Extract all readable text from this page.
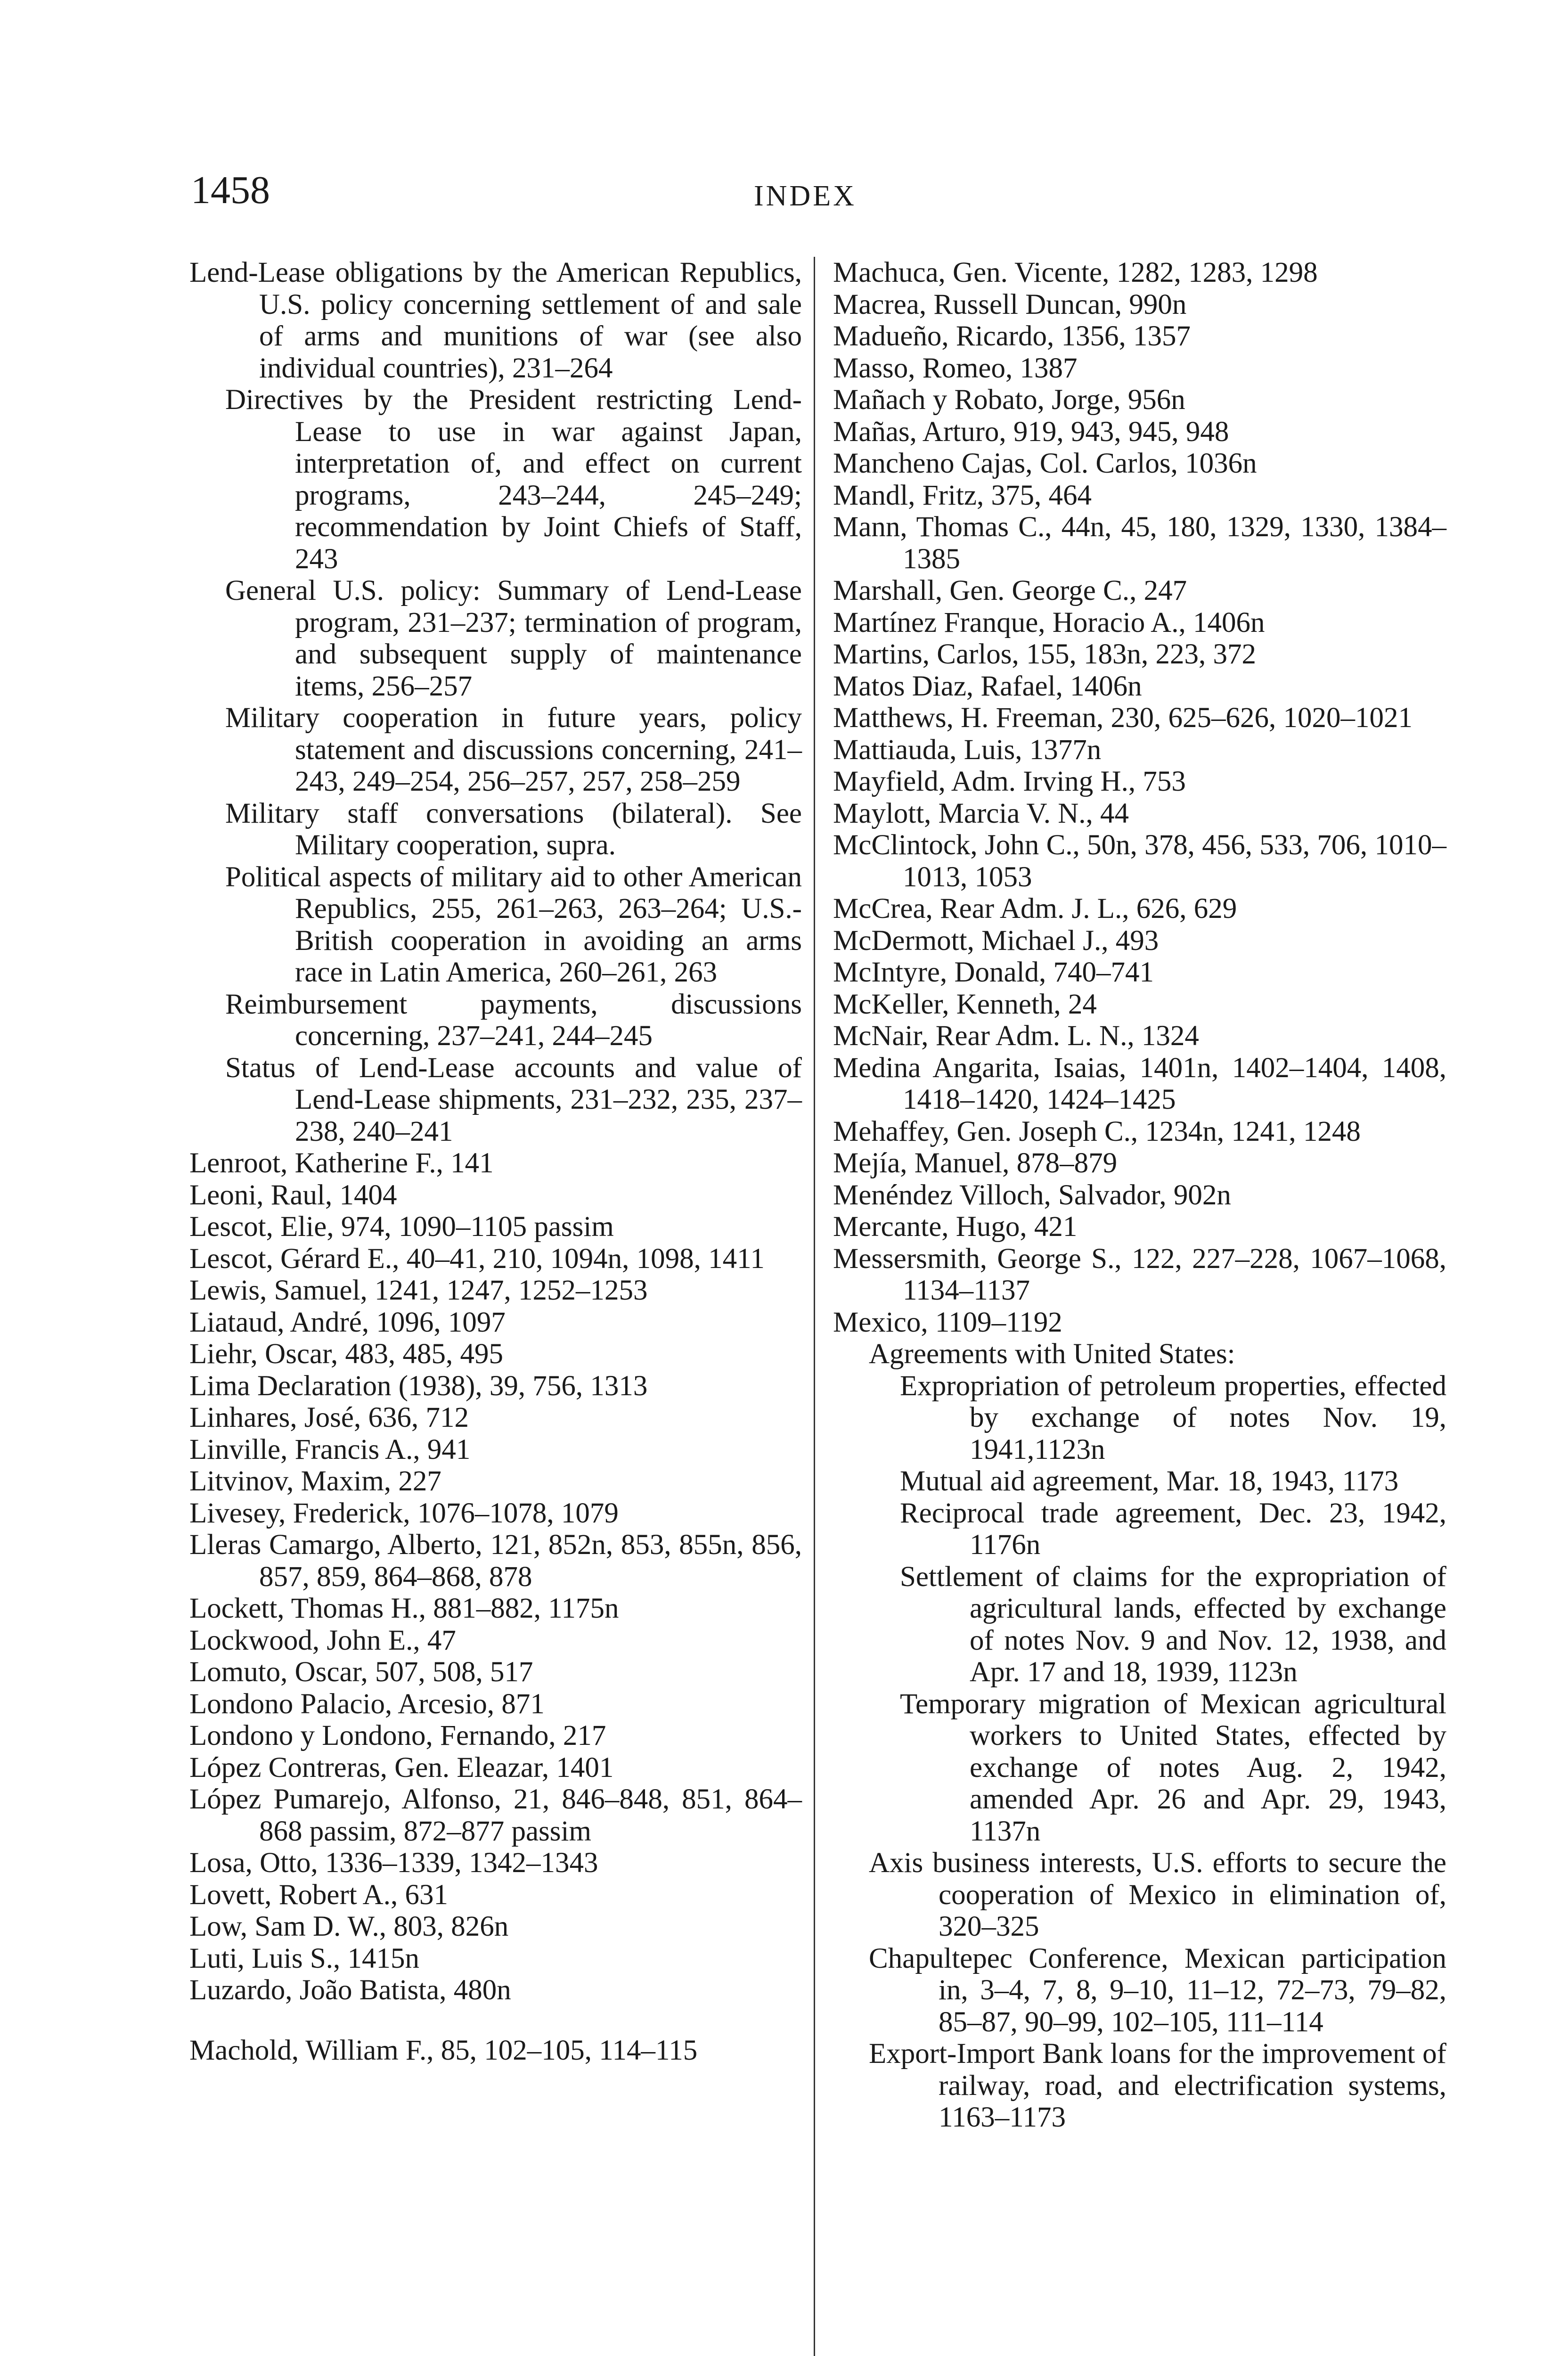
1458	INDEX

Lend-Lease obligations by the American Republics, U.S. policy concerning settlement of and sale of arms and munitions of war (see also individual countries), 231–264

Directives by the President restricting Lend-Lease to use in war against Japan, interpretation of, and effect on current programs, 243–244, 245–249; recommendation by Joint Chiefs of Staff, 243

General U.S. policy: Summary of Lend-Lease program, 231–237; termination of program, and subsequent supply of maintenance items, 256–257

Military cooperation in future years, policy statement and discussions concerning, 241–243, 249–254, 256–257, 257, 258–259

Military staff conversations (bilateral). See Military cooperation, supra.

Political aspects of military aid to other American Republics, 255, 261–263, 263–264; U.S.-British cooperation in avoiding an arms race in Latin America, 260–261, 263

Reimbursement payments, discussions concerning, 237–241, 244–245

Status of Lend-Lease accounts and value of Lend-Lease shipments, 231–232, 235, 237–238, 240–241

Lenroot, Katherine F., 141

Leoni, Raul, 1404

Lescot, Elie, 974, 1090–1105 passim

Lescot, Gérard E., 40–41, 210, 1094n, 1098, 1411

Lewis, Samuel, 1241, 1247, 1252–1253

Liataud, André, 1096, 1097

Liehr, Oscar, 483, 485, 495

Lima Declaration (1938), 39, 756, 1313

Linhares, José, 636, 712

Linville, Francis A., 941

Litvinov, Maxim, 227

Livesey, Frederick, 1076–1078, 1079

Lleras Camargo, Alberto, 121, 852n, 853, 855n, 856, 857, 859, 864–868, 878

Lockett, Thomas H., 881–882, 1175n

Lockwood, John E., 47

Lomuto, Oscar, 507, 508, 517

Londono Palacio, Arcesio, 871

Londono y Londono, Fernando, 217

López Contreras, Gen. Eleazar, 1401

López Pumarejo, Alfonso, 21, 846–848, 851, 864–868 passim, 872–877 passim

Losa, Otto, 1336–1339, 1342–1343

Lovett, Robert A., 631

Low, Sam D. W., 803, 826n

Luti, Luis S., 1415n

Luzardo, João Batista, 480n

Machold, William F., 85, 102–105, 114–115

Machuca, Gen. Vicente, 1282, 1283, 1298

Macrea, Russell Duncan, 990n

Madueño, Ricardo, 1356, 1357

Masso, Romeo, 1387

Mañach y Robato, Jorge, 956n

Mañas, Arturo, 919, 943, 945, 948

Mancheno Cajas, Col. Carlos, 1036n

Mandl, Fritz, 375, 464

Mann, Thomas C., 44n, 45, 180, 1329, 1330, 1384–1385

Marshall, Gen. George C., 247

Martínez Franque, Horacio A., 1406n

Martins, Carlos, 155, 183n, 223, 372

Matos Diaz, Rafael, 1406n

Matthews, H. Freeman, 230, 625–626, 1020–1021

Mattiauda, Luis, 1377n

Mayfield, Adm. Irving H., 753

Maylott, Marcia V. N., 44

McClintock, John C., 50n, 378, 456, 533, 706, 1010–1013, 1053

McCrea, Rear Adm. J. L., 626, 629

McDermott, Michael J., 493

McIntyre, Donald, 740–741

McKeller, Kenneth, 24

McNair, Rear Adm. L. N., 1324

Medina Angarita, Isaias, 1401n, 1402–1404, 1408, 1418–1420, 1424–1425

Mehaffey, Gen. Joseph C., 1234n, 1241, 1248

Mejía, Manuel, 878–879

Menéndez Villoch, Salvador, 902n

Mercante, Hugo, 421

Messersmith, George S., 122, 227–228, 1067–1068, 1134–1137

Mexico, 1109–1192

Agreements with United States:

Expropriation of petroleum properties, effected by exchange of notes Nov. 19, 1941,1123n

Mutual aid agreement, Mar. 18, 1943, 1173

Reciprocal trade agreement, Dec. 23, 1942, 1176n

Settlement of claims for the expropriation of agricultural lands, effected by exchange of notes Nov. 9 and Nov. 12, 1938, and Apr. 17 and 18, 1939, 1123n

Temporary migration of Mexican agricultural workers to United States, effected by exchange of notes Aug. 2, 1942, amended Apr. 26 and Apr. 29, 1943, 1137n

Axis business interests, U.S. efforts to secure the cooperation of Mexico in elimination of, 320–325

Chapultepec Conference, Mexican participation in, 3–4, 7, 8, 9–10, 11–12, 72–73, 79–82, 85–87, 90–99, 102–105, 111–114

Export-Import Bank loans for the improvement of railway, road, and electrification systems, 1163–1173
